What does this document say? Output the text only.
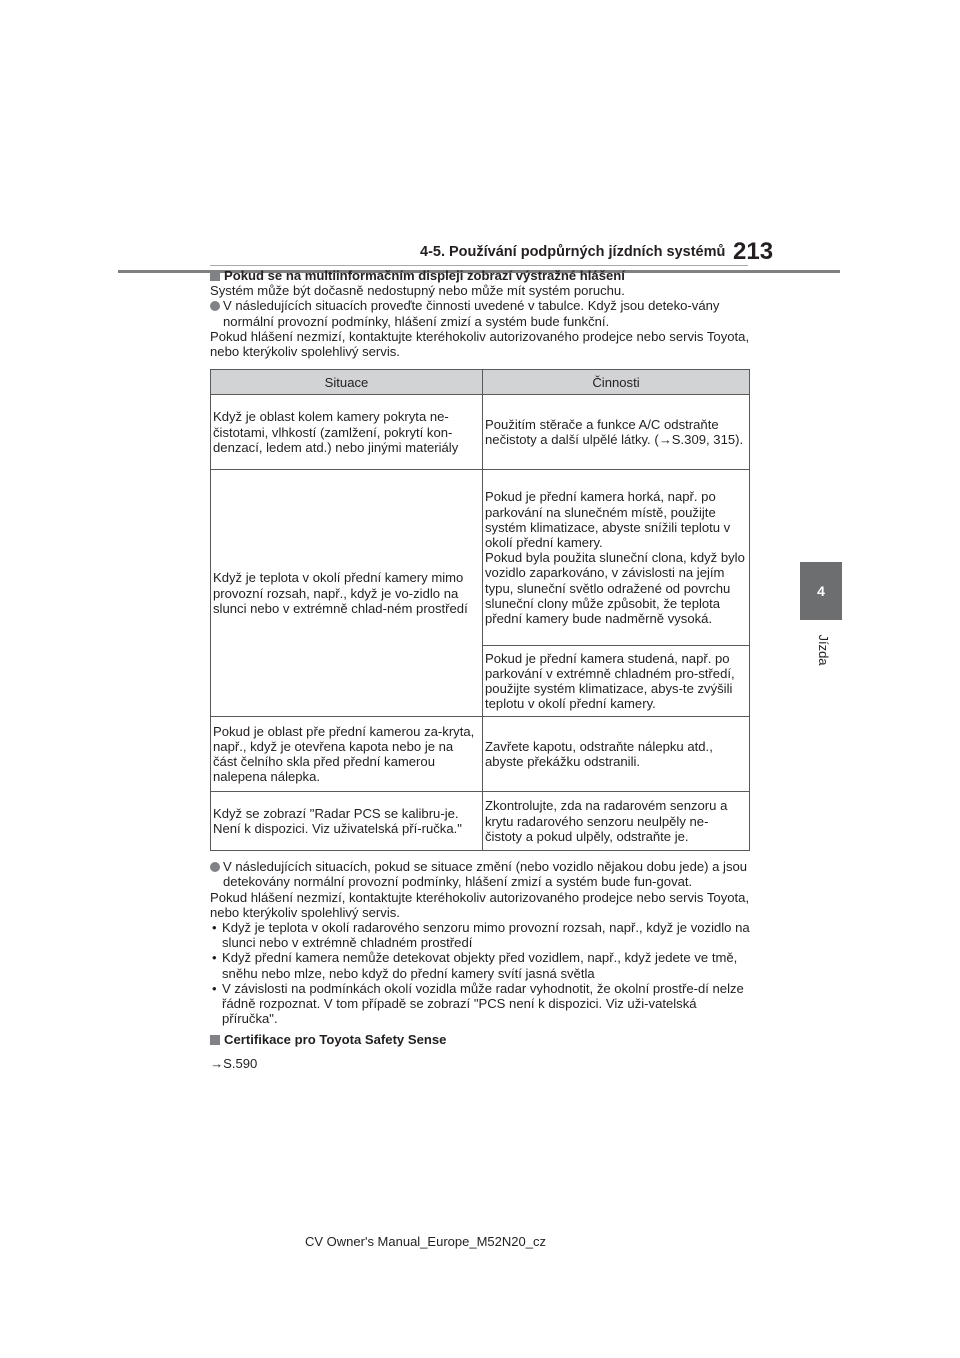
4-5. Používání podpůrných jízdních systémů 213
4
Jízda

Pokud se na multiinformačním displeji zobrazí výstražné hlášení

Systém může být dočasně nedostupný nebo může mít systém poruchu.

V následujících situacích proveďte činnosti uvedené v tabulce. Když jsou deteko-vány normální provozní podmínky, hlášení zmizí a systém bude funkční.

Pokud hlášení nezmizí, kontaktujte kteréhokoliv autorizovaného prodejce nebo servis Toyota, nebo kterýkoliv spolehlivý servis.

Situace	Činnosti
Když je oblast kolem kamery pokryta ne-čistotami, vlhkostí (zamlžení, pokrytí kon-denzací, ledem atd.) nebo jinými materiály	Použitím stěrače a funkce A/C odstraňte nečistoty a další ulpělé látky. (→S.309, 315).
Když je teplota v okolí přední kamery mimo provozní rozsah, např., když je vo-zidlo na slunci nebo v extrémně chlad-ném prostředí	Pokud je přední kamera horká, např. po parkování na slunečném místě, použijte systém klimatizace, abyste snížili teplotu v okolí přední kamery.

Pokud byla použita sluneční clona, když bylo vozidlo zaparkováno, v závislosti na jejím typu, sluneční světlo odražené od povrchu sluneční clony může způsobit, že teplota přední kamery bude nadměrně vysoká.

	Pokud je přední kamera studená, např. po parkování v extrémně chladném pro-středí, použijte systém klimatizace, abys-te zvýšili teplotu v okolí přední kamery.
Pokud je oblast pře přední kamerou za-kryta, např., když je otevřena kapota nebo je na část čelního skla před přední kamerou nalepena nálepka.	Zavřete kapotu, odstraňte nálepku atd., abyste překážku odstranili.
Když se zobrazí "Radar PCS se kalibru-je. Není k dispozici. Viz uživatelská pří-ručka."	Zkontrolujte, zda na radarovém senzoru a krytu radarového senzoru neulpěly ne-čistoty a pokud ulpěly, odstraňte je.

V následujících situacích, pokud se situace změní (nebo vozidlo nějakou dobu jede) a jsou detekovány normální provozní podmínky, hlášení zmizí a systém bude fun-govat.

Pokud hlášení nezmizí, kontaktujte kteréhokoliv autorizovaného prodejce nebo servis Toyota, nebo kterýkoliv spolehlivý servis.

• Když je teplota v okolí radarového senzoru mimo provozní rozsah, např., když je vozidlo na slunci nebo v extrémně chladném prostředí

• Když přední kamera nemůže detekovat objekty před vozidlem, např., když jedete ve tmě, sněhu nebo mlze, nebo když do přední kamery svítí jasná světla

• V závislosti na podmínkách okolí vozidla může radar vyhodnotit, že okolní prostře-dí nelze řádně rozpoznat. V tom případě se zobrazí "PCS není k dispozici. Viz uži-vatelská příručka".

Certifikace pro Toyota Safety Sense

→S.590

CV Owner's Manual_Europe_M52N20_cz
